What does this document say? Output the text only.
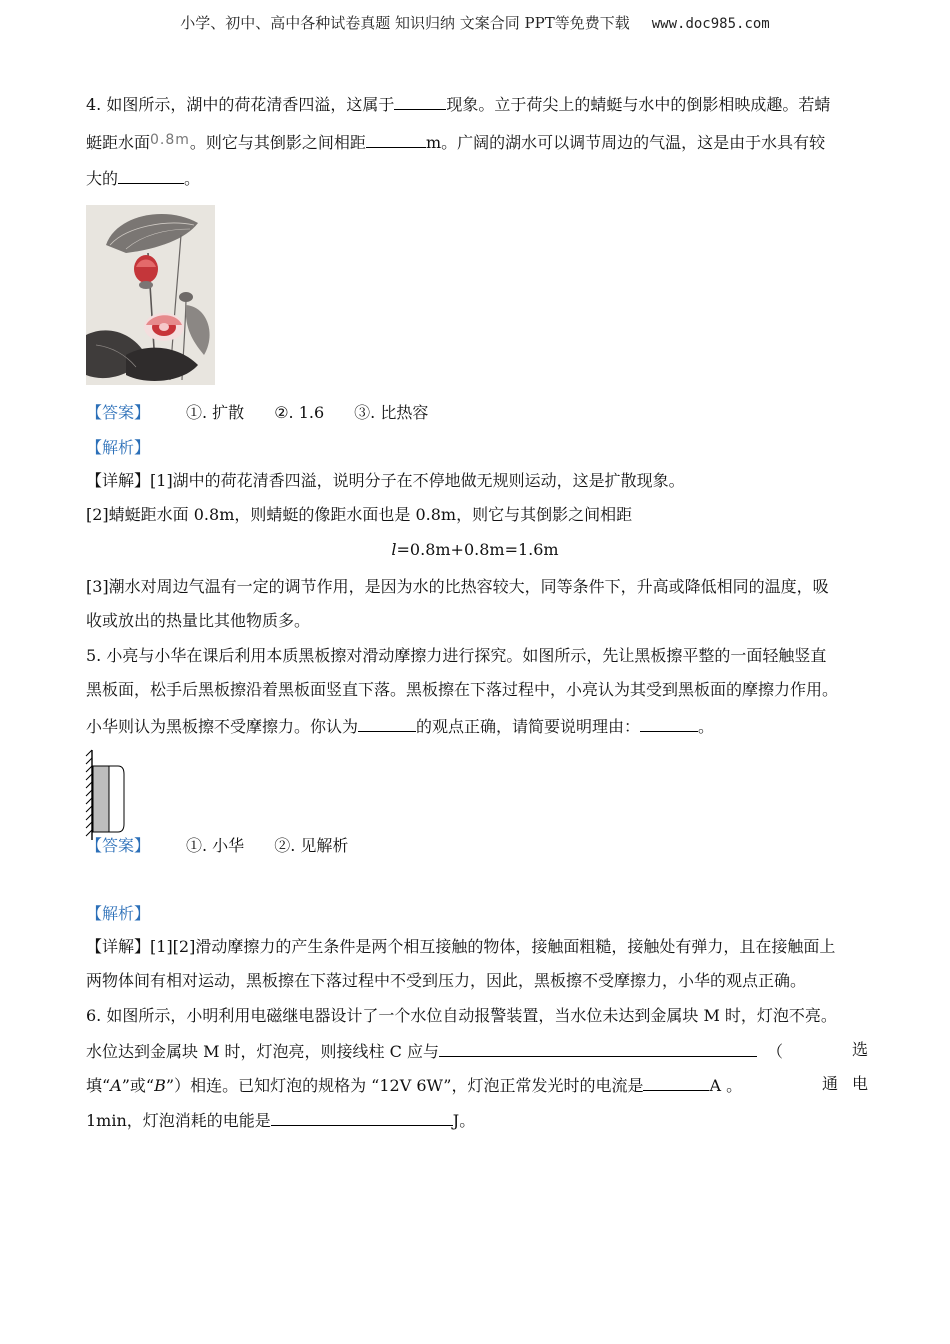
小学、初中、高中各种试卷真题 知识归纳 文案合同 PPT等免费下载 www.doc985.com
4. 如图所示，湖中的荷花清香四溢，这属于	现象。立于荷尖上的蜻蜓与水中的倒影相映成趣。若蜻
蜓距水面0.8m。则它与其倒影之间相距	m。广阔的湖水可以调节周边的气温，这是由于水具有较
大的	。
【答案】	①. 扩散 ②. 1.6 ③. 比热容
【解析】
【详解】[1]湖中的荷花清香四溢，说明分子在不停地做无规则运动，这是扩散现象。
[2]蜻蜓距水面 0.8m，则蜻蜓的像距水面也是 0.8m，则它与其倒影之间相距
l=0.8m+0.8m=1.6m
[3]潮水对周边气温有一定的调节作用，是因为水的比热容较大，同等条件下，升高或降低相同的温度，吸
收或放出的热量比其他物质多。
5. 小亮与小华在课后利用本质黑板擦对滑动摩擦力进行探究。如图所示，先让黑板擦平整的一面轻触竖直
黑板面，松手后黑板擦沿着黑板面竖直下落。黑板擦在下落过程中，小亮认为其受到黑板面的摩擦力作用。
小华则认为黑板擦不受摩擦力。你认为	的观点正确，请简要说明理由：	。
【答案】 ①. 小华 ②. 见解析
【解析】
【详解】[1][2]滑动摩擦力的产生条件是两个相互接触的物体，接触面粗糙，接触处有弹力，且在接触面上
两物体间有相对运动，黑板擦在下落过程中不受到压力，因此，黑板擦不受摩擦力，小华的观点正确。
6. 如图所示，小明利用电磁继电器设计了一个水位自动报警装置，当水位未达到金属块 M 时，灯泡不亮。
水位达到金属块 M 时，灯泡亮，则接线柱 C 应与	（	选
填“A”或“B”）相连。已知灯泡的规格为 “12V 6W”，灯泡正常发光时的电流是	A 。	通 电
1min，灯泡消耗的电能是	J。
